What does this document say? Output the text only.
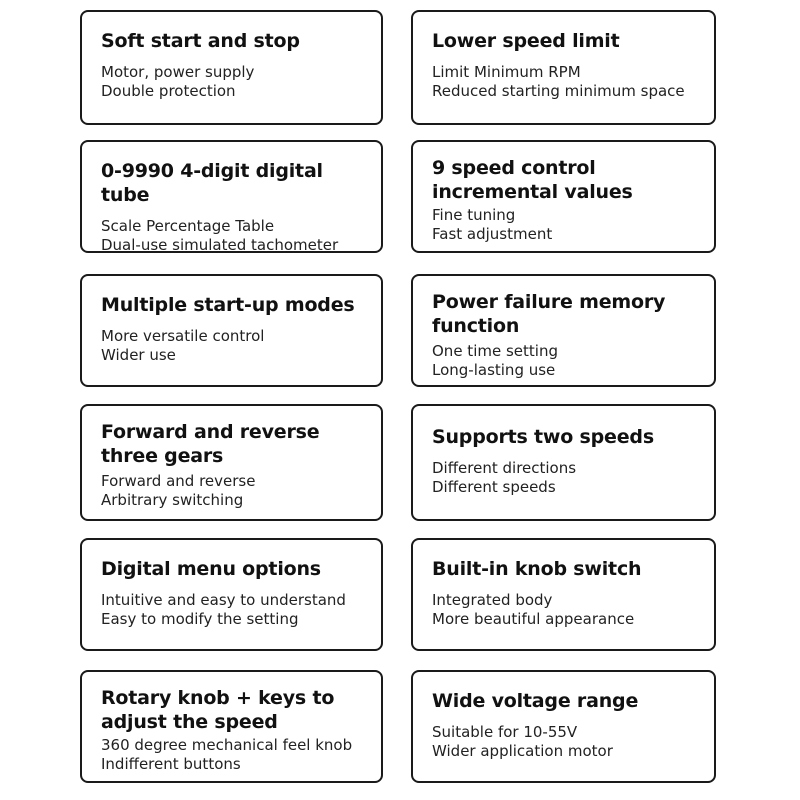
Soft start and stop
Motor, power supply
Double protection
Lower speed limit
Limit Minimum RPM
Reduced starting minimum space
0-9990 4-digit digital tube
Scale Percentage Table
Dual-use simulated tachometer
9 speed control incremental values
Fine tuning
Fast adjustment
Multiple start-up modes
More versatile control
Wider use
Power failure memory function
One time setting
Long-lasting use
Forward and reverse three gears
Forward and reverse
Arbitrary switching
Supports two speeds
Different directions
Different speeds
Digital menu options
Intuitive and easy to understand
Easy to modify the setting
Built-in knob switch
Integrated body
More beautiful appearance
Rotary knob + keys to adjust the speed
360 degree mechanical feel knob
Indifferent buttons
Wide voltage range
Suitable for 10-55V
Wider application motor
